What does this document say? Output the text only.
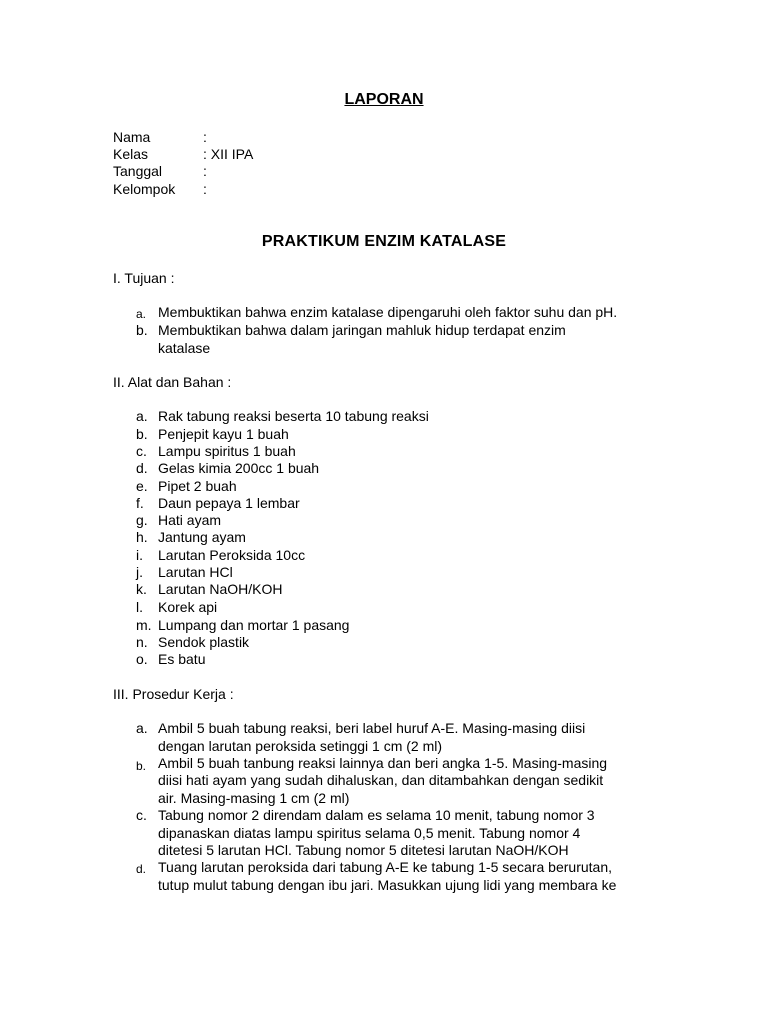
LAPORAN
Nama	:
Kelas	: XII IPA
Tanggal	:
Kelompok :
PRAKTIKUM ENZIM KATALASE
I. Tujuan :
a. Membuktikan bahwa enzim katalase dipengaruhi oleh faktor suhu dan pH.
b. Membuktikan bahwa dalam jaringan mahluk hidup terdapat enzim
katalase
II. Alat dan Bahan :
a. Rak tabung reaksi beserta 10 tabung reaksi
b. Penjepit kayu 1 buah
c. Lampu spiritus 1 buah
d. Gelas kimia 200cc 1 buah
e. Pipet 2 buah
f. Daun pepaya 1 lembar
g. Hati ayam
h. Jantung ayam
i. Larutan Peroksida 10cc
j. Larutan HCl
k. Larutan NaOH/KOH
l. Korek api
m. Lumpang dan mortar 1 pasang
n. Sendok plastik
o. Es batu
III. Prosedur Kerja :
a. Ambil 5 buah tabung reaksi, beri label huruf A-E. Masing-masing diisi
dengan larutan peroksida setinggi 1 cm (2 ml)
b. Ambil 5 buah tanbung reaksi lainnya dan beri angka 1-5. Masing-masing
diisi hati ayam yang sudah dihaluskan, dan ditambahkan dengan sedikit
air. Masing-masing 1 cm (2 ml)
c. Tabung nomor 2 direndam dalam es selama 10 menit, tabung nomor 3
dipanaskan diatas lampu spiritus selama 0,5 menit. Tabung nomor 4
ditetesi 5 larutan HCl. Tabung nomor 5 ditetesi larutan NaOH/KOH
d. Tuang larutan peroksida dari tabung A-E ke tabung 1-5 secara berurutan,
tutup mulut tabung dengan ibu jari. Masukkan ujung lidi yang membara ke
